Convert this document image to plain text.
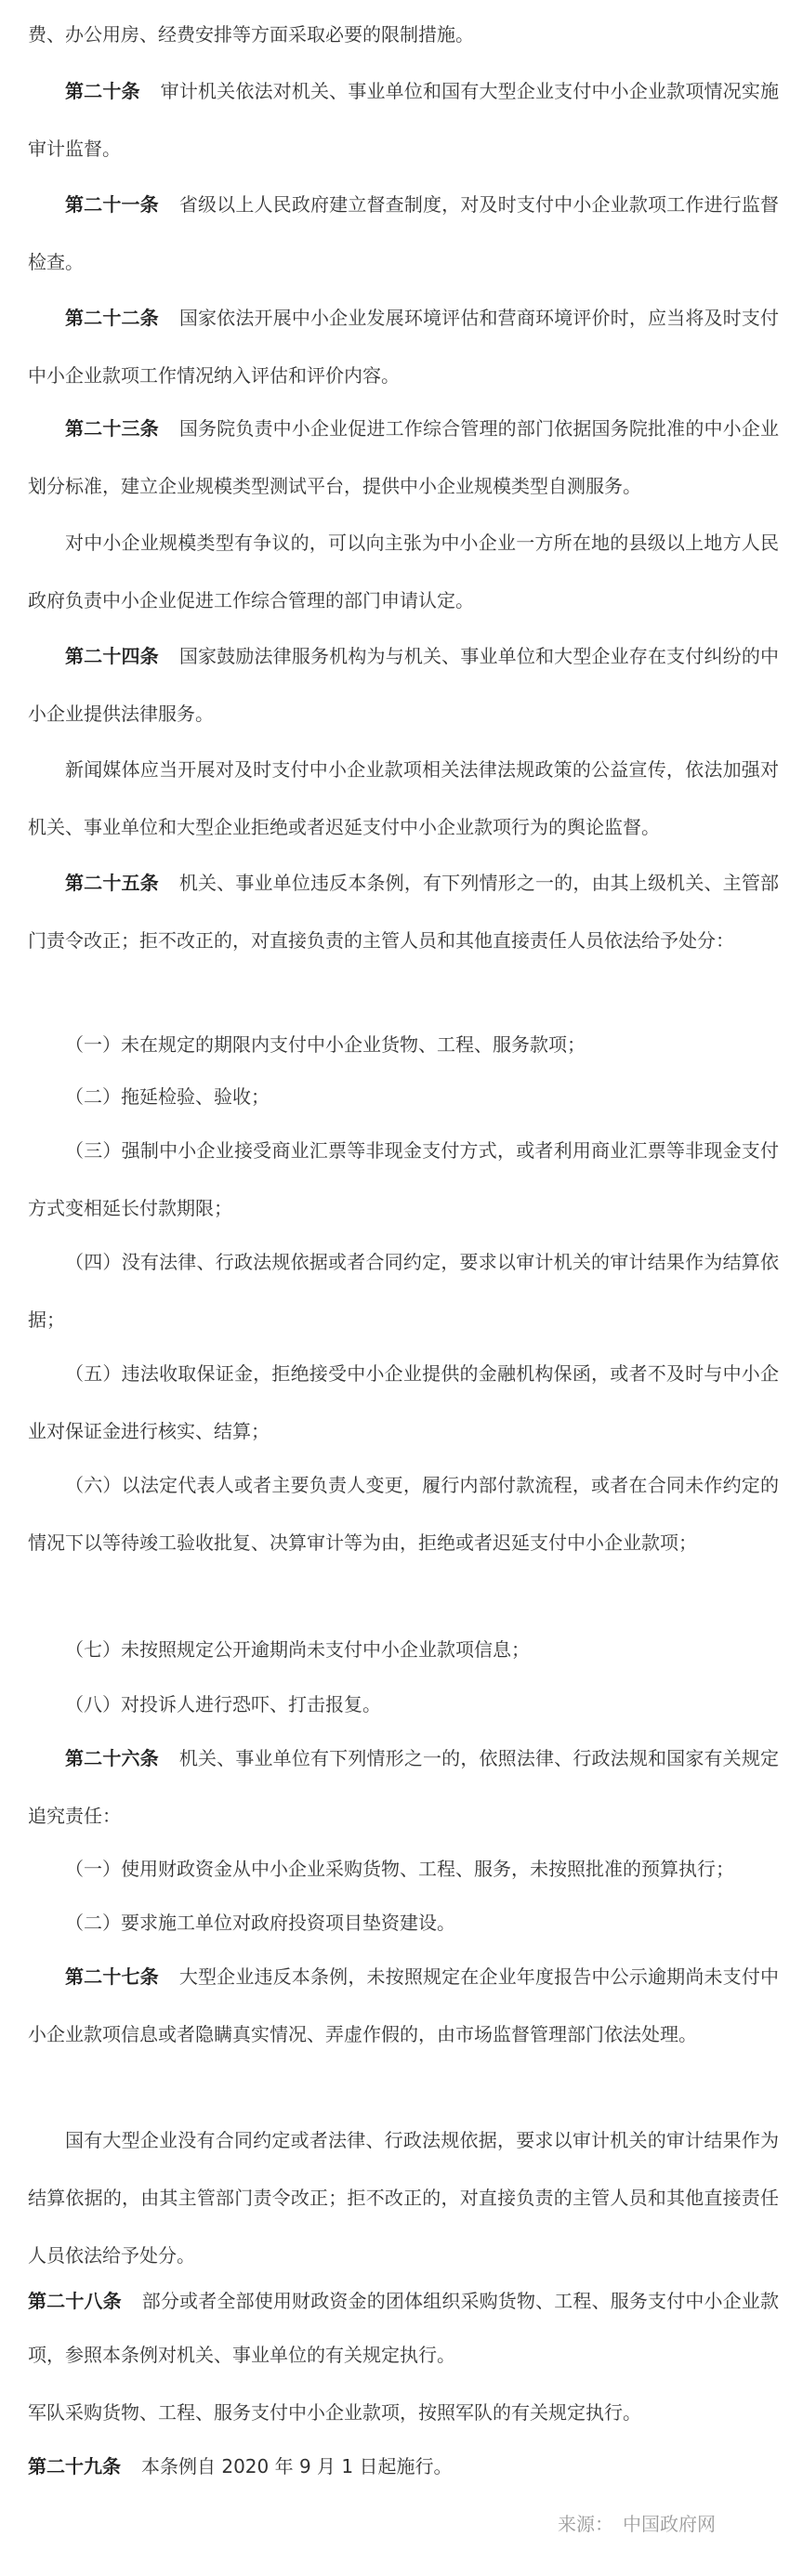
费、办公用房、经费安排等方面采取必要的限制措施。

第二十条 审计机关依法对机关、事业单位和国有大型企业支付中小企业款项情况实施审计监督。

第二十一条 省级以上人民政府建立督查制度，对及时支付中小企业款项工作进行监督检查。

第二十二条 国家依法开展中小企业发展环境评估和营商环境评价时，应当将及时支付中小企业款项工作情况纳入评估和评价内容。

第二十三条 国务院负责中小企业促进工作综合管理的部门依据国务院批准的中小企业划分标准，建立企业规模类型测试平台，提供中小企业规模类型自测服务。

对中小企业规模类型有争议的，可以向主张为中小企业一方所在地的县级以上地方人民政府负责中小企业促进工作综合管理的部门申请认定。

第二十四条 国家鼓励法律服务机构为与机关、事业单位和大型企业存在支付纠纷的中小企业提供法律服务。

新闻媒体应当开展对及时支付中小企业款项相关法律法规政策的公益宣传，依法加强对机关、事业单位和大型企业拒绝或者迟延支付中小企业款项行为的舆论监督。

第二十五条 机关、事业单位违反本条例，有下列情形之一的，由其上级机关、主管部门责令改正；拒不改正的，对直接负责的主管人员和其他直接责任人员依法给予处分：

（一）未在规定的期限内支付中小企业货物、工程、服务款项；

（二）拖延检验、验收；

（三）强制中小企业接受商业汇票等非现金支付方式，或者利用商业汇票等非现金支付方式变相延长付款期限；

（四）没有法律、行政法规依据或者合同约定，要求以审计机关的审计结果作为结算依据；

（五）违法收取保证金，拒绝接受中小企业提供的金融机构保函，或者不及时与中小企业对保证金进行核实、结算；

（六）以法定代表人或者主要负责人变更，履行内部付款流程，或者在合同未作约定的情况下以等待竣工验收批复、决算审计等为由，拒绝或者迟延支付中小企业款项；

（七）未按照规定公开逾期尚未支付中小企业款项信息；

（八）对投诉人进行恐吓、打击报复。

第二十六条 机关、事业单位有下列情形之一的，依照法律、行政法规和国家有关规定追究责任：

（一）使用财政资金从中小企业采购货物、工程、服务，未按照批准的预算执行；

（二）要求施工单位对政府投资项目垫资建设。

第二十七条 大型企业违反本条例，未按照规定在企业年度报告中公示逾期尚未支付中小企业款项信息或者隐瞒真实情况、弄虚作假的，由市场监督管理部门依法处理。

国有大型企业没有合同约定或者法律、行政法规依据，要求以审计机关的审计结果作为结算依据的，由其主管部门责令改正；拒不改正的，对直接负责的主管人员和其他直接责任人员依法给予处分。

第二十八条 部分或者全部使用财政资金的团体组织采购货物、工程、服务支付中小企业款项，参照本条例对机关、事业单位的有关规定执行。

军队采购货物、工程、服务支付中小企业款项，按照军队的有关规定执行。

第二十九条 本条例自 2020 年 9 月 1 日起施行。

来源： 中国政府网
